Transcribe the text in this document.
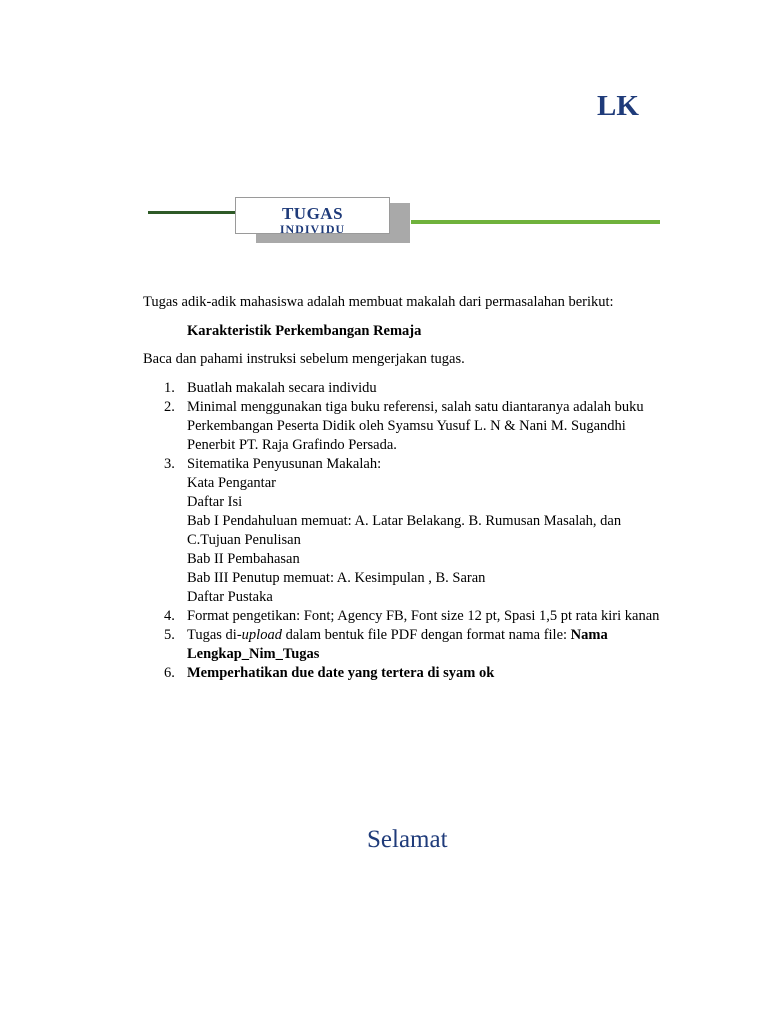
LK
TUGAS
INDIVIDU
Tugas adik-adik mahasiswa adalah membuat makalah dari permasalahan berikut:
Karakteristik Perkembangan Remaja
Baca dan pahami instruksi sebelum mengerjakan tugas.
1. Buatlah makalah secara individu
2. Minimal menggunakan tiga buku referensi, salah satu diantaranya adalah buku Perkembangan Peserta Didik oleh Syamsu Yusuf L. N & Nani M. Sugandhi Penerbit PT. Raja Grafindo Persada.
3. Sitematika Penyusunan Makalah:
Kata Pengantar
Daftar Isi
Bab I Pendahuluan memuat: A. Latar Belakang. B. Rumusan Masalah, dan C.Tujuan Penulisan
Bab II Pembahasan
Bab III Penutup memuat: A. Kesimpulan , B. Saran
Daftar Pustaka
4. Format pengetikan: Font; Agency FB, Font size 12 pt, Spasi 1,5 pt rata kiri kanan
5. Tugas di-upload dalam bentuk file PDF dengan format nama file: Nama Lengkap_Nim_Tugas
6. Memperhatikan due date yang tertera di syam ok
Selamat
